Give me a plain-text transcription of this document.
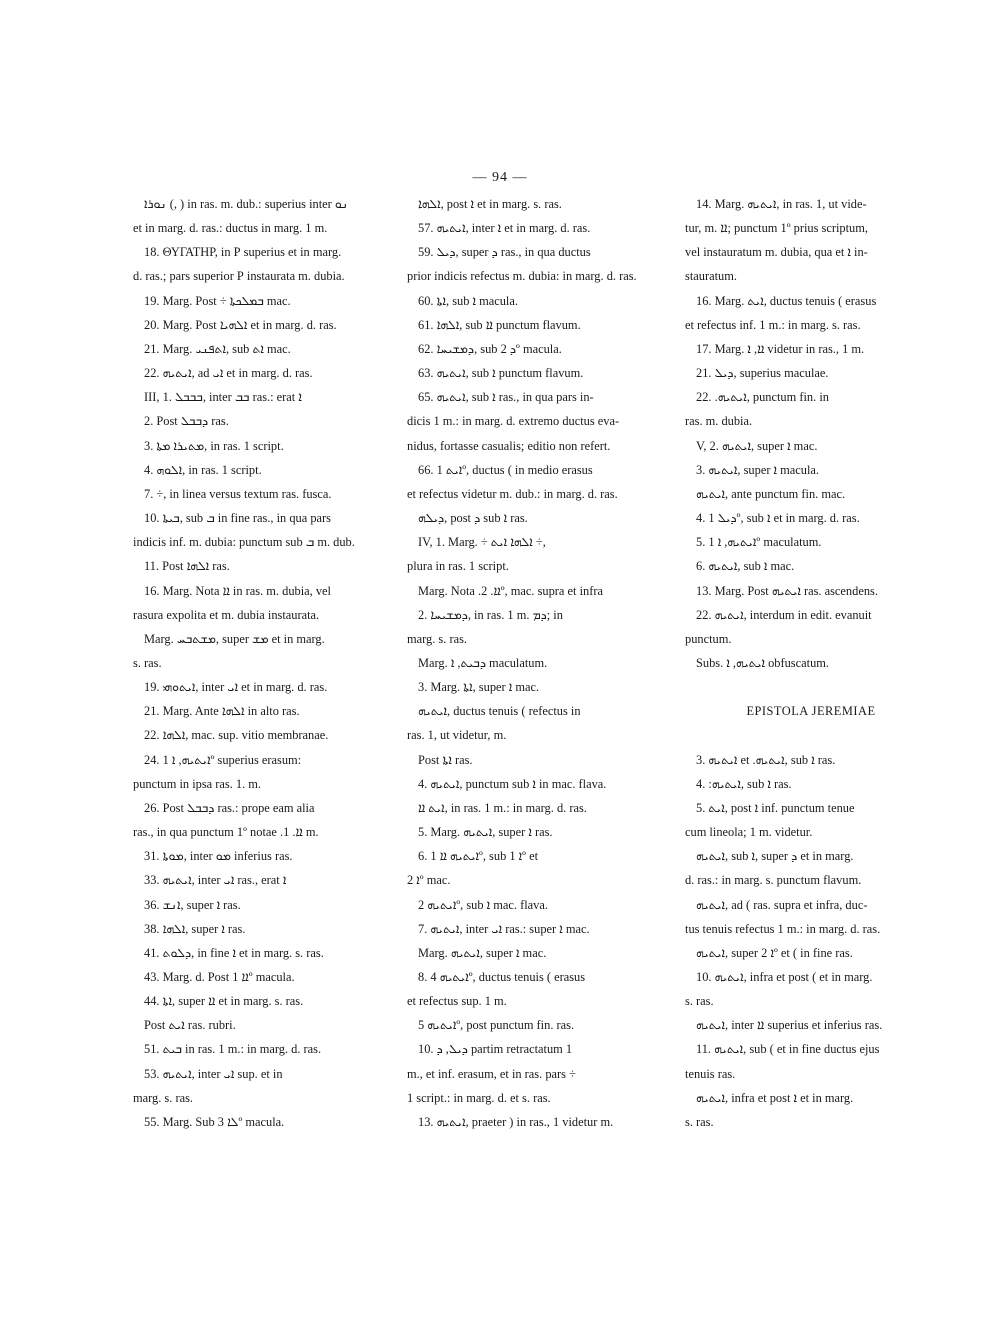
— 94 —
ܢܘܪܐ (, ) in ras. m. dub.: superius inter ܢܘ
et in marg. d. ras.: ductus in marg. 1 m.
18. ΘΥΓΑΤΗΡ, in Ρ superius et in marg.
d. ras.; pars superior Ρ instaurata m. dubia.
19. Marg. Post ÷ ܒܡܠܟܬܐ mac.
20. Marg. Post ܐܠܗܝܐ et in marg. d. ras.
21. Marg. ܐܬܦܢܝ, sub ܐܬ mac.
22. ܐܝܬܝܗ, ad ܐܝ et in marg. d. ras.
III, 1. ܒܒܒܠ, inter ܒܒ ras.: erat ܐ
2. Post ܕܒܒܠ ras.
3. ܡܬܝܪܐ ܡܬܐ, in ras. 1 script.
4. ܐܠܘܗ, in ras. 1 script.
7. ÷, in linea versus textum ras. fusca.
10. ܒܝܬܐ, sub ܒ in fine ras., in qua pars
indicis inf. m. dubia: punctum sub ܒ m. dub.
11. Post ܐܠܗܐ ras.
16. Marg. Nota ܐܐ in ras. m. dubia, vel
rasura expolita et m. dubia instaurata.
Marg. ܡܫܬܒܚ, super ܡܫ et in marg.
s. ras.
19. ܐܝܬܘܗܝ, inter ܐܝ et in marg. d. ras.
21. Marg. Ante ܐܠܗܐ in alto ras.
22. ܐܠܗܐ, mac. sup. vitio membranae.
24. ܐܝܬܝܗ, ܐ 1º superius erasum:
punctum in ipsa ras. 1. m.
26. Post ܕܒܒܠ ras.: prope eam alia
ras., in qua punctum 1º notae .ܐܐ. 1 m.
31. ܡܘܬܐ, inter ܡܘ inferius ras.
33. ܐܝܬܝܗ, inter ܐܝ ras., erat ܐ
36. ܐܢܫ, super ܐ ras.
38. ܐܠܗܐ, super ܐ ras.
41. ܕܠܘܬ, in fine ܐ et in marg. s. ras.
43. Marg. d. Post ܐܐ 1º macula.
44. ܐܬܐ, super ܐܐ et in marg. s. ras.
Post ܐܝܬ ras. rubri.
51. ܒܝܬ in ras. 1 m.: in marg. d. ras.
53. ܐܝܬܝܗ, inter ܐܝ sup. et in
marg. s. ras.
55. Marg. Sub ܠܐ 3º macula.
ܐܠܗܐ, post ܐ et in marg. s. ras.
57. ܐܝܬܝܗ, inter ܐ et in marg. d. ras.
59. ܕܝܠ, super ܕ ras., in qua ductus
prior indicis refectus m. dubia: in marg. d. ras.
60. ܐܬܐ, sub ܐ macula.
61. ܐܠܗܐ, sub ܐܐ punctum flavum.
62. ܕܡܫܝܚܐ, sub ܕ 2º macula.
63. ܐܝܬܝܗ, sub ܐ punctum flavum.
65. ܐܝܬܝܗ, sub ܐ ras., in qua pars in-
dicis 1 m.: in marg. d. extremo ductus eva-
nidus, fortasse casualis; editio non refert.
66. ܐܝܬ 1º, ductus ( in medio erasus
et refectus videtur m. dub.: in marg. d. ras.
ܕܝܠܗ, post ܕ sub ܐ ras.
IV, 1. Marg. ÷ ܐܠܗܐ ܐܝܬ ÷,
plura in ras. 1 script.
Marg. Nota .ܐܐ. 2º, mac. supra et infra
2. ܕܡܫܝܚܐ, in ras. 1 m. ܕܡ; in
marg. s. ras.
Marg. ܕܒܝܬ, ܐ maculatum.
3. Marg. ܐܬܐ, super ܐ mac.
ܐܝܬܝܗ, ductus tenuis ( refectus in
ras. 1, ut videtur, m.
Post ܐܬܐ ras.
4. ܐܝܬܝܗ, punctum sub ܐ in mac. flava.
ܐܝܬ ܐܐ, in ras. 1 m.: in marg. d. ras.
5. Marg. ܐܝܬܝܗ, super ܐ ras.
6. ܐܝܬܝܗ ܐܐ 1º, sub ܐ 1º et
ܐ 2º mac.
ܐܝܬܝܗ 2º, sub ܐ mac. flava.
7. ܐܝܬܝܗ, inter ܐܝ ras.: super ܐ mac.
Marg. ܐܝܬܝܗ, super ܐ mac.
8. ܐܝܬܝܗ 4º, ductus tenuis ( erasus
et refectus sup. 1 m.
ܐܝܬܝܗ 5º, post punctum fin. ras.
10. ܕܝܠ, ܕ partim retractatum 1
m., et inf. erasum, et in ras. pars ÷
1 script.: in marg. d. et s. ras.
13. ܐܝܬܝܗ, praeter ) in ras., 1 videtur m.
14. Marg. ܐܝܬܝܗ, in ras. 1, ut vide-
tur, m. ܐܐ; punctum 1º prius scriptum,
vel instauratum m. dubia, qua et ܐ in-
stauratum.
16. Marg. ܐܝܬ, ductus tenuis ( erasus
et refectus inf. 1 m.: in marg. s. ras.
17. Marg. ܐܐ, ܐ videtur in ras., 1 m.
21. ܕܝܠ, superius maculae.
22. .ܐܝܬܝܗ, punctum fin. in
ras. m. dubia.
V, 2. ܐܝܬܝܗ, super ܐ mac.
3. ܐܝܬܝܗ, super ܐ macula.
ܐܝܬܝܗ, ante punctum fin. mac.
4. ܕܝܠ 1º, sub ܐ et in marg. d. ras.
5. ܐܝܬܝܗ, ܐ 1º maculatum.
6. ܐܝܬܝܗ, sub ܐ mac.
13. Marg. Post ܐܝܬܝܗ ras. ascendens.
22. ܐܝܬܝܗ, interdum in edit. evanuit
punctum.
Subs. ܐܝܬܝܗ, ܐ obfuscatum.
EPISTOLA JEREMIAE
3. ܐܝܬܝܗ et .ܐܝܬܝܗ, sub ܐ ras.
4. :ܐܝܬܝܗ, sub ܐ ras.
5. ܐܝܬ, post ܐ inf. punctum tenue
cum lineola; 1 m. videtur.
ܐܝܬܝܗ, sub ܐ, super ܕ et in marg.
d. ras.: in marg. s. punctum flavum.
ܐܝܬܝܗ, ad ( ras. supra et infra, duc-
tus tenuis refectus 1 m.: in marg. d. ras.
ܐܝܬܝܗ, super ܐ 2º et ( in fine ras.
10. ܐܝܬܝܗ, infra et post ( et in marg.
s. ras.
ܐܝܬܝܗ, inter ܐܐ superius et inferius ras.
11. ܐܝܬܝܗ, sub ( et in fine ductus ejus
tenuis ras.
ܐܝܬܝܗ, infra et post ܐ et in marg.
s. ras.
